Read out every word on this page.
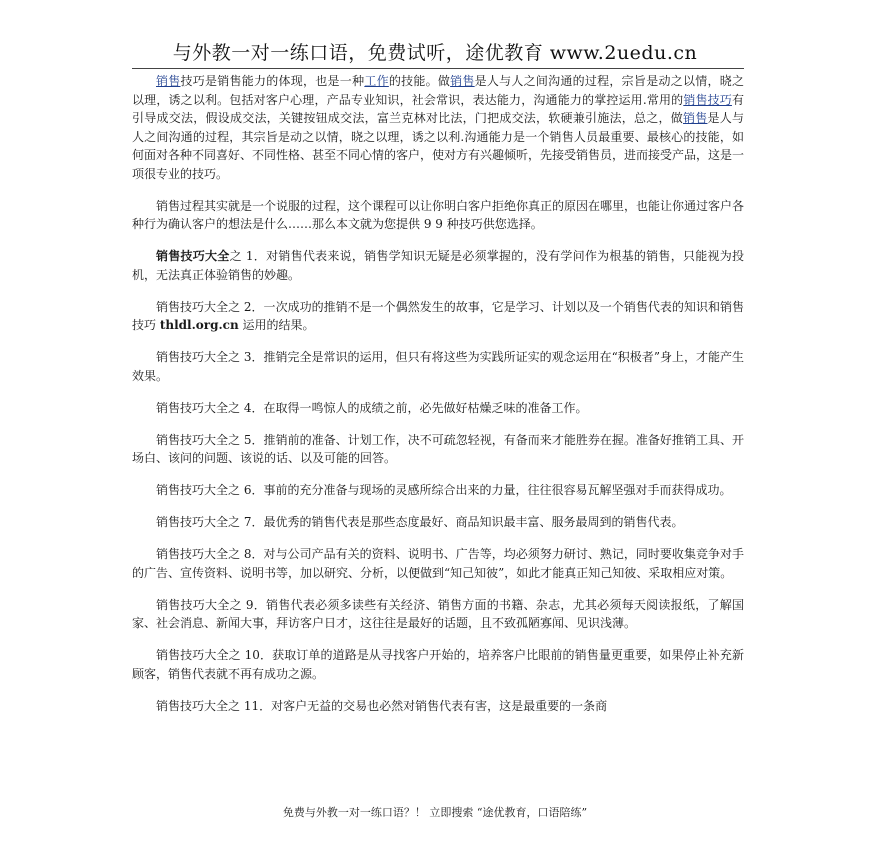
与外教一对一练口语，免费试听，途优教育 www.2uedu.cn

销售技巧是销售能力的体现，也是一种工作的技能。做销售是人与人之间沟通的过程，宗旨是动之以情，晓之以理，诱之以利。包括对客户心理，产品专业知识，社会常识，表达能力，沟通能力的掌控运用.常用的销售技巧有引导成交法，假设成交法，关键按钮成交法，富兰克林对比法，门把成交法，软硬兼引施法，总之，做销售是人与人之间沟通的过程，其宗旨是动之以情，晓之以理，诱之以利.沟通能力是一个销售人员最重要、最核心的技能，如何面对各种不同喜好、不同性格、甚至不同心情的客户，使对方有兴趣倾听，先接受销售员，进而接受产品，这是一项很专业的技巧。

销售过程其实就是一个说服的过程，这个课程可以让你明白客户拒绝你真正的原因在哪里，也能让你通过客户各种行为确认客户的想法是什么……那么本文就为您提供 9 9 种技巧供您选择。

销售技巧大全之 1．对销售代表来说，销售学知识无疑是必须掌握的，没有学问作为根基的销售，只能视为投机，无法真正体验销售的妙趣。

销售技巧大全之 2．一次成功的推销不是一个偶然发生的故事，它是学习、计划以及一个销售代表的知识和销售技巧 thldl.org.cn 运用的结果。

销售技巧大全之 3．推销完全是常识的运用，但只有将这些为实践所证实的观念运用在“积极者”身上，才能产生效果。

销售技巧大全之 4．在取得一鸣惊人的成绩之前，必先做好枯燥乏味的准备工作。

销售技巧大全之 5．推销前的准备、计划工作，决不可疏忽轻视，有备而来才能胜券在握。准备好推销工具、开场白、该问的问题、该说的话、以及可能的回答。

销售技巧大全之 6．事前的充分准备与现场的灵感所综合出来的力量，往往很容易瓦解坚强对手而获得成功。

销售技巧大全之 7．最优秀的销售代表是那些态度最好、商品知识最丰富、服务最周到的销售代表。

销售技巧大全之 8．对与公司产品有关的资料、说明书、广告等，均必须努力研讨、熟记，同时要收集竞争对手的广告、宣传资料、说明书等，加以研究、分析，以便做到“知己知彼”，如此才能真正知己知彼、采取相应对策。

销售技巧大全之 9．销售代表必须多读些有关经济、销售方面的书籍、杂志，尤其必须每天阅读报纸，了解国家、社会消息、新闻大事，拜访客户日才，这往往是最好的话题，且不致孤陋寡闻、见识浅薄。

销售技巧大全之 10．获取订单的道路是从寻找客户开始的，培养客户比眼前的销售量更重要，如果停止补充新顾客，销售代表就不再有成功之源。

销售技巧大全之 11．对客户无益的交易也必然对销售代表有害，这是最重要的一条商

免费与外教一对一练口语？！ 立即搜索 “途优教育，口语陪练”
